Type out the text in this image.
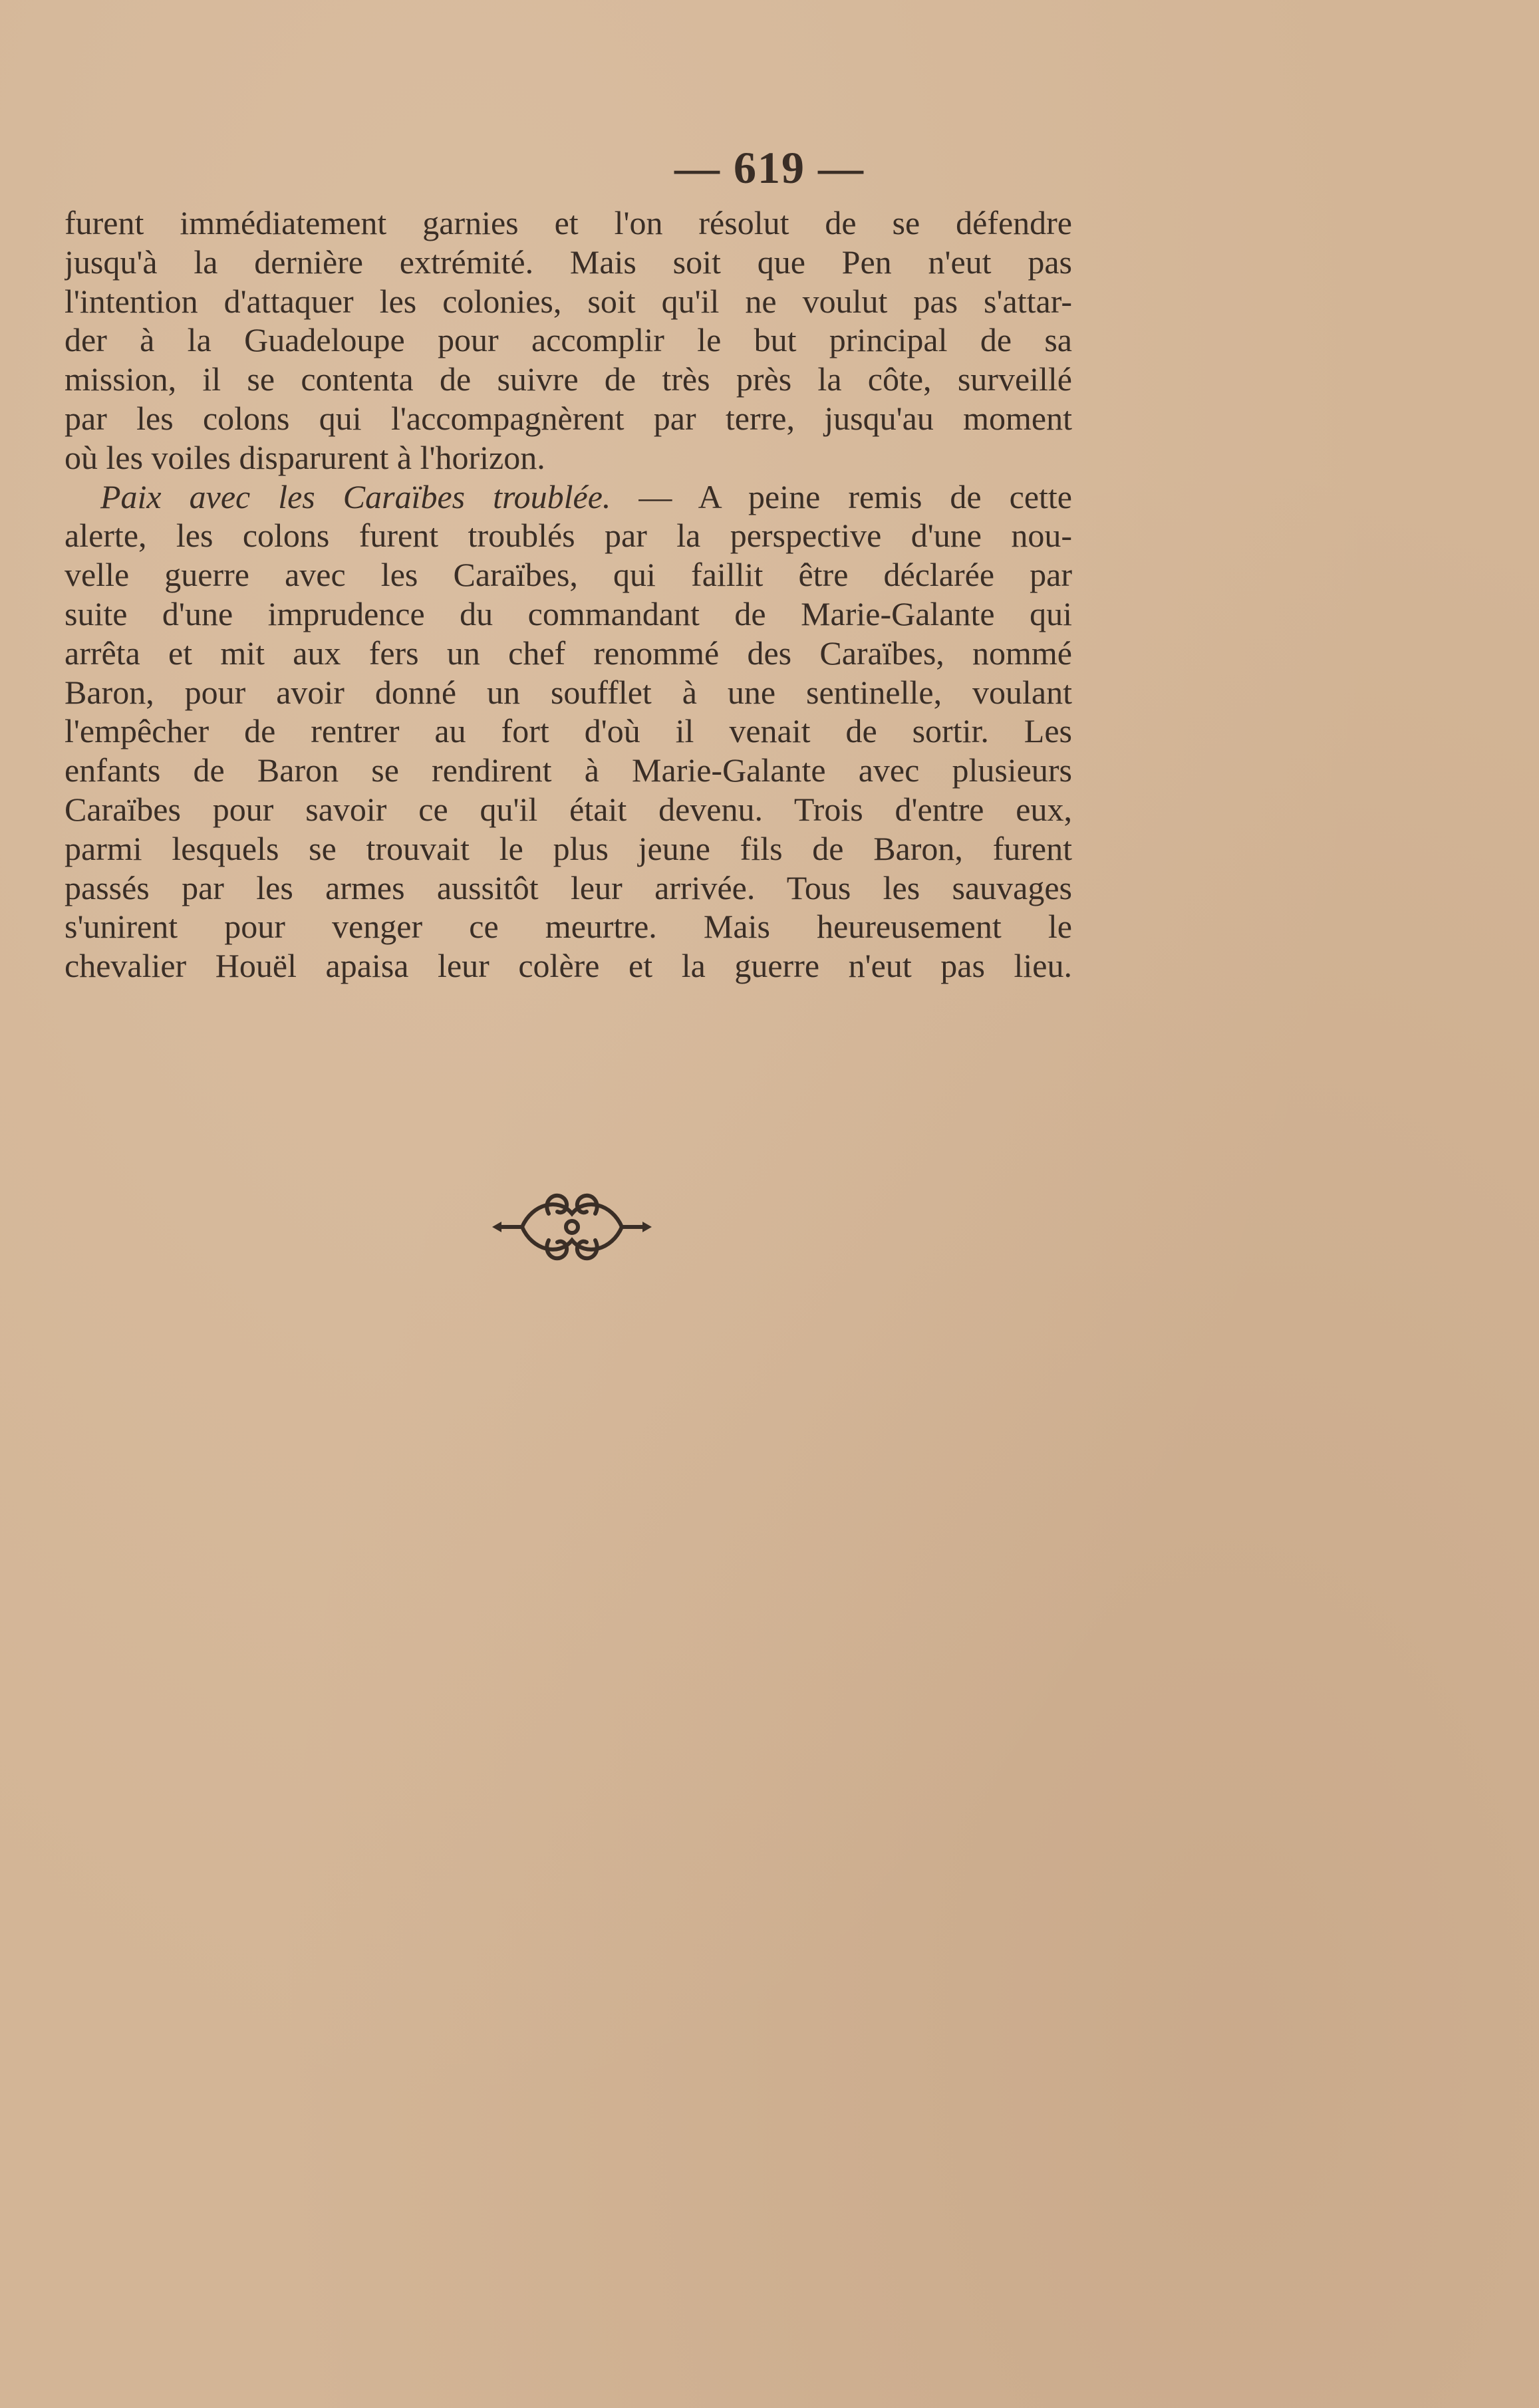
— 619 —
furent immédiatement garnies et l'on résolut de se défendre
jusqu'à la dernière extrémité. Mais soit que Pen n'eut pas
l'intention d'attaquer les colonies, soit qu'il ne voulut pas s'attar-
der à la Guadeloupe pour accomplir le but principal de sa
mission, il se contenta de suivre de très près la côte, surveillé
par les colons qui l'accompagnèrent par terre, jusqu'au moment
où les voiles disparurent à l'horizon.
Paix avec les Caraïbes troublée. — A peine remis de cette
alerte, les colons furent troublés par la perspective d'une nou-
velle guerre avec les Caraïbes, qui faillit être déclarée par
suite d'une imprudence du commandant de Marie-Galante qui
arrêta et mit aux fers un chef renommé des Caraïbes, nommé
Baron, pour avoir donné un soufflet à une sentinelle, voulant
l'empêcher de rentrer au fort d'où il venait de sortir. Les
enfants de Baron se rendirent à Marie-Galante avec plusieurs
Caraïbes pour savoir ce qu'il était devenu. Trois d'entre eux,
parmi lesquels se trouvait le plus jeune fils de Baron, furent
passés par les armes aussitôt leur arrivée. Tous les sauvages
s'unirent pour venger ce meurtre. Mais heureusement le
chevalier Houël apaisa leur colère et la guerre n'eut pas lieu.
